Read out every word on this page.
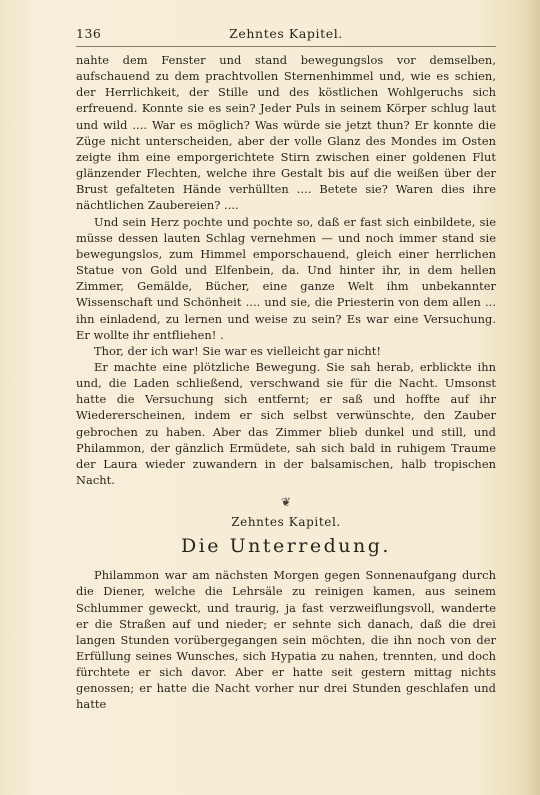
136	Zehntes Kapitel.

nahte dem Fenster und stand bewegungslos vor demselben, aufschauend zu dem prachtvollen Sternenhimmel und, wie es schien, der Herrlichkeit, der Stille und des köstlichen Wohlgeruchs sich erfreuend. Konnte sie es sein? Jeder Puls in seinem Körper schlug laut und wild .... War es möglich? Was würde sie jetzt thun? Er konnte die Züge nicht unterscheiden, aber der volle Glanz des Mondes im Osten zeigte ihm eine emporgerichtete Stirn zwischen einer goldenen Flut glänzender Flechten, welche ihre Gestalt bis auf die weißen über der Brust gefalteten Hände verhüllten .... Betete sie? Waren dies ihre nächtlichen Zaubereien? ....

Und sein Herz pochte und pochte so, daß er fast sich einbildete, sie müsse dessen lauten Schlag vernehmen — und noch immer stand sie bewegungslos, zum Himmel emporschauend, gleich einer herrlichen Statue von Gold und Elfenbein, da. Und hinter ihr, in dem hellen Zimmer, Gemälde, Bücher, eine ganze Welt ihm unbekannter Wissenschaft und Schönheit .... und sie, die Priesterin von dem allen ... ihn einladend, zu lernen und weise zu sein? Es war eine Versuchung. Er wollte ihr entfliehen! .

Thor, der ich war! Sie war es vielleicht gar nicht!

Er machte eine plötzliche Bewegung. Sie sah herab, erblickte ihn und, die Laden schließend, verschwand sie für die Nacht. Umsonst hatte die Versuchung sich entfernt; er saß und hoffte auf ihr Wiedererscheinen, indem er sich selbst verwünschte, den Zauber gebrochen zu haben. Aber das Zimmer blieb dunkel und still, und Philammon, der gänzlich Ermüdete, sah sich bald in ruhigem Traume der Laura wieder zuwandern in der balsamischen, halb tropischen Nacht.

❦
Zehntes Kapitel.
Die Unterredung.

Philammon war am nächsten Morgen gegen Sonnenaufgang durch die Diener, welche die Lehrsäle zu reinigen kamen, aus seinem Schlummer geweckt, und traurig, ja fast verzweiflungsvoll, wanderte er die Straßen auf und nieder; er sehnte sich danach, daß die drei langen Stunden vorübergegangen sein möchten, die ihn noch von der Erfüllung seines Wunsches, sich Hypatia zu nahen, trennten, und doch fürchtete er sich davor. Aber er hatte seit gestern mittag nichts genossen; er hatte die Nacht vorher nur drei Stunden geschlafen und hatte
